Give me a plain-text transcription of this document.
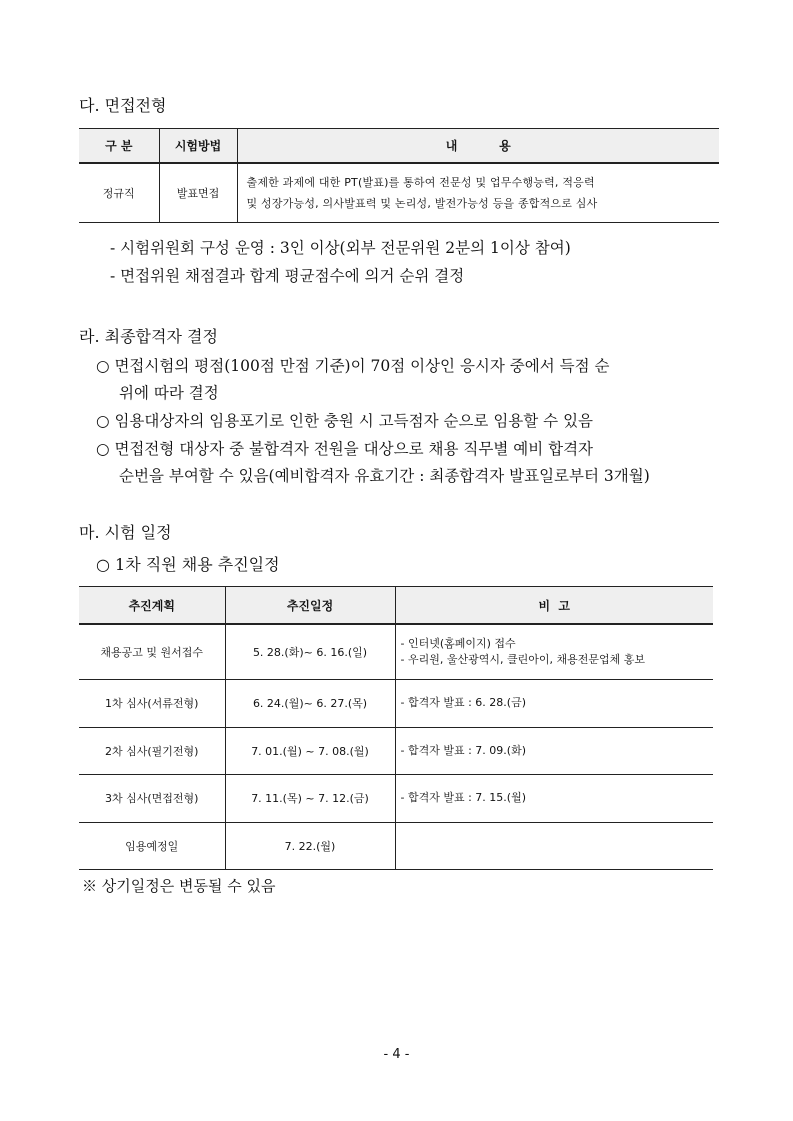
다. 면접전형
구 분	시험방법	내          용
정규직	발표면접	출제한 과제에 대한 PT(발표)를 통하여 전문성 및 업무수행능력, 적응력
및 성장가능성, 의사발표력 및 논리성, 발전가능성 등을 종합적으로 심사
- 시험위원회 구성 운영 : 3인 이상(외부 전문위원 2분의 1이상 참여)
- 면접위원 채점결과 합계 평균점수에 의거 순위 결정
라. 최종합격자 결정
○ 면접시험의 평점(100점 만점 기준)이 70점 이상인 응시자 중에서 득점 순
위에 따라 결정
○ 임용대상자의 임용포기로 인한 충원 시 고득점자 순으로 임용할 수 있음
○ 면접전형 대상자 중 불합격자 전원을 대상으로 채용 직무별 예비 합격자
순번을 부여할 수 있음(예비합격자 유효기간 : 최종합격자 발표일로부터 3개월)
마. 시험 일정
○ 1차 직원 채용 추진일정
추진계획	추진일정	비  고
채용공고 및 원서접수	5. 28.(화)~ 6. 16.(일)	- 인터넷(홈페이지) 접수
- 우리원, 울산광역시, 클린아이, 채용전문업체 홍보

1차 심사(서류전형)	6. 24.(월)~ 6. 27.(목)	- 합격자 발표 : 6. 28.(금)
2차 심사(필기전형)	7. 01.(월) ~ 7. 08.(월)	- 합격자 발표 : 7. 09.(화)
3차 심사(면접전형)	7. 11.(목) ~ 7. 12.(금)	- 합격자 발표 : 7. 15.(월)
임용예정일	7. 22.(월)	
※ 상기일정은 변동될 수 있음
- 4 -
